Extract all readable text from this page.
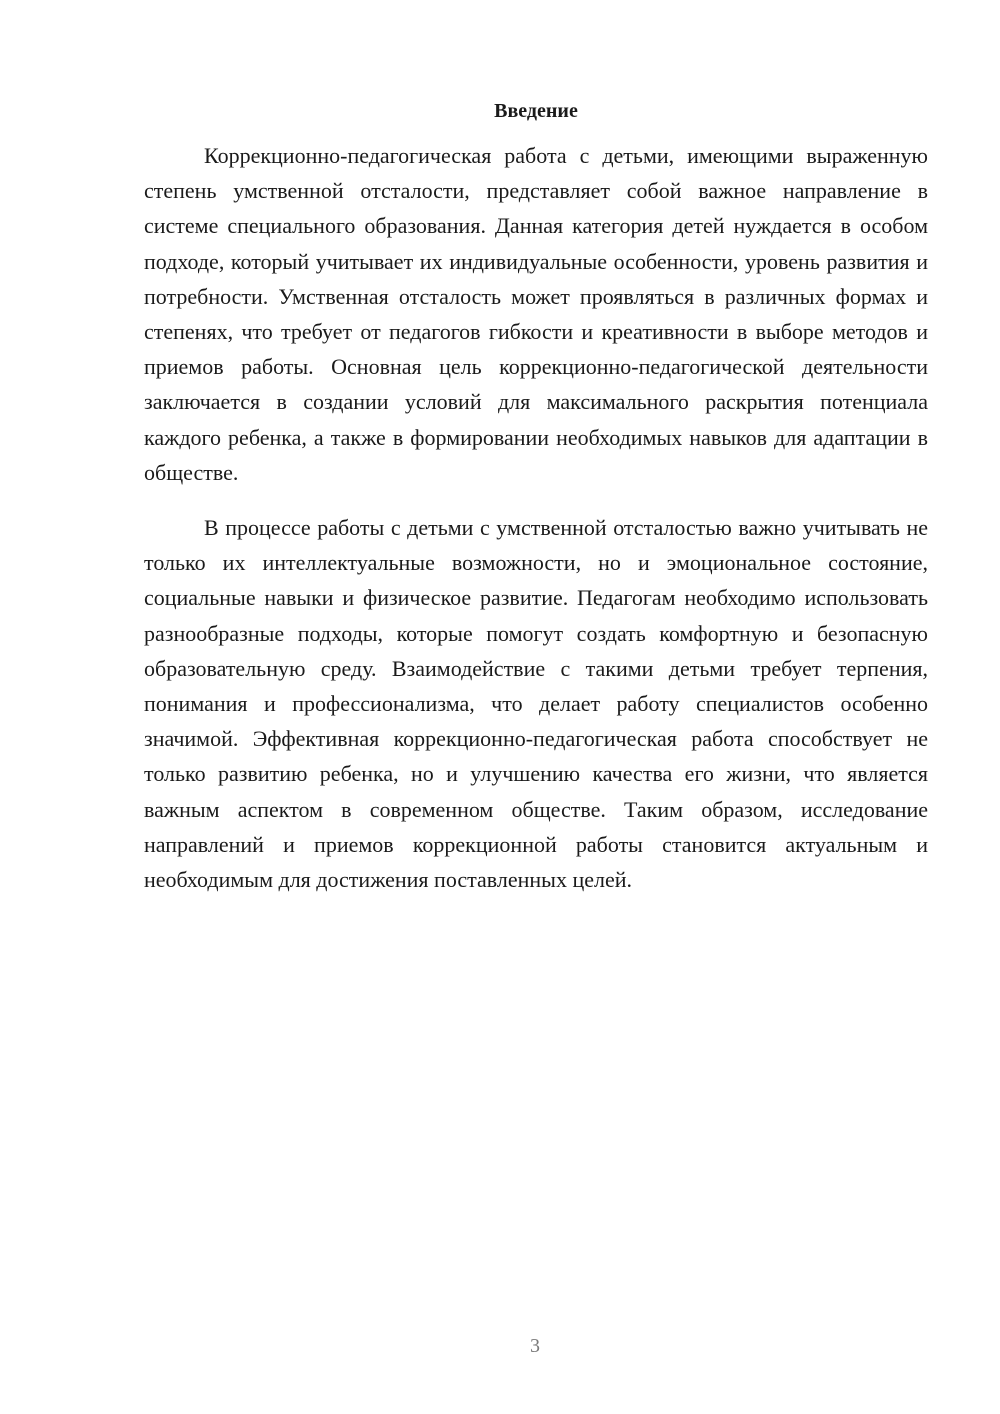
Введение

Коррекционно-педагогическая работа с детьми, имеющими выраженную степень умственной отсталости, представляет собой важное направление в системе специального образования. Данная категория детей нуждается в особом подходе, который учитывает их индивидуальные особенности, уровень развития и потребности. Умственная отсталость может проявляться в различных формах и степенях, что требует от педагогов гибкости и креативности в выборе методов и приемов работы. Основная цель коррекционно-педагогической деятельности заключается в создании условий для максимального раскрытия потенциала каждого ребенка, а также в формировании необходимых навыков для адаптации в обществе.

В процессе работы с детьми с умственной отсталостью важно учитывать не только их интеллектуальные возможности, но и эмоциональное состояние, социальные навыки и физическое развитие. Педагогам необходимо использовать разнообразные подходы, которые помогут создать комфортную и безопасную образовательную среду. Взаимодействие с такими детьми требует терпения, понимания и профессионализма, что делает работу специалистов особенно значимой. Эффективная коррекционно-педагогическая работа способствует не только развитию ребенка, но и улучшению качества его жизни, что является важным аспектом в современном обществе. Таким образом, исследование направлений и приемов коррекционной работы становится актуальным и необходимым для достижения поставленных целей.

3
